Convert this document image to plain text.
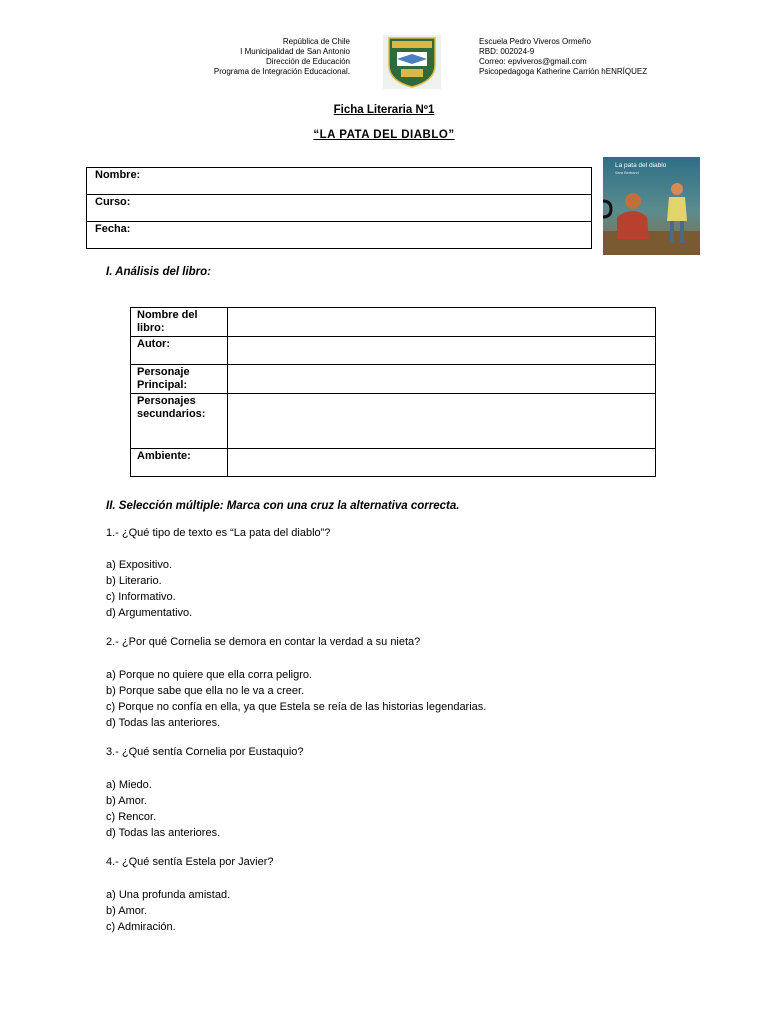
República de Chile
I Municipalidad de San Antonio
Dirección de Educación
Programa de Integración Educacional.
Escuela Pedro Viveros Ormeño
RBD: 002024-9
Correo: epviveros@gmail.com
Psicopedagoga Katherine Carrión hENRÍQUEZ
Ficha Literaria Nº1
“LA PATA DEL DIABLO”
Nombre:

Curso:

Fecha:
La pata del diablo
Sara Bertrand
I. Análisis del libro:
Nombre del libro:	
Autor:	
Personaje Principal:	
Personajes secundarios:	
Ambiente:	
II. Selección múltiple: Marca con una cruz la alternativa correcta.
1.- ¿Qué tipo de texto es “La pata del diablo”?
a) Expositivo.
b) Literario.
c) Informativo.
d) Argumentativo.
2.- ¿Por qué Cornelia se demora en contar la verdad a su nieta?
a) Porque no quiere que ella corra peligro.
b) Porque sabe que ella no le va a creer.
c) Porque no confía en ella, ya que Estela se reía de las historias legendarias.
d) Todas las anteriores.
3.- ¿Qué sentía Cornelia por Eustaquio?
a) Miedo.
b) Amor.
c) Rencor.
d) Todas las anteriores.
4.- ¿Qué sentía Estela por Javier?
a) Una profunda amistad.
b) Amor.
c) Admiración.
